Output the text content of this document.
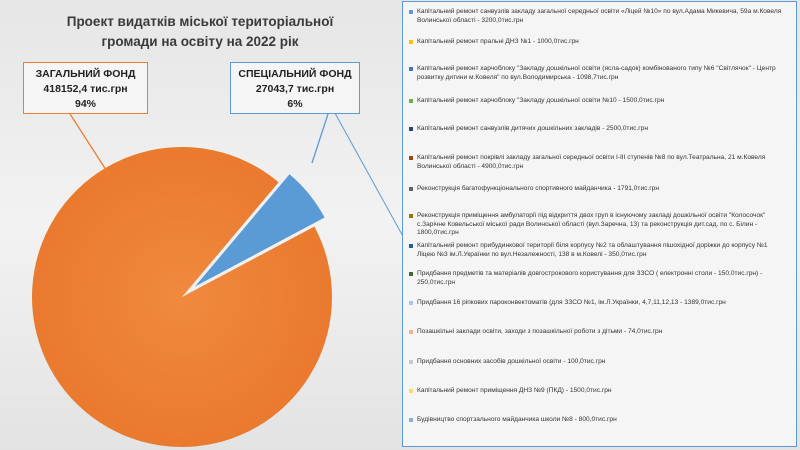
Проект видатків міської територіальної
громади на освіту на 2022 рік
ЗАГАЛЬНИЙ ФОНД
418152,4 тис.грн
94%
СПЕЦІАЛЬНИЙ ФОНД
27043,7 тис.грн
6%
Капітальний ремонт санвузлів закладу загальної середньої освіти «Ліцей №10» по вул.Адама Микевича, 59а м.Ковеля Волинської області - 3200,0тис.грн
Капітальний ремонт пральні ДНЗ №1 - 1000,0тис.грн
Капітальний ремонт харчоблоку "Закладу дошкільної освіти (ясла-садок) комбінованого типу №6 "Світлячок" - Центр розвитку дитини м.Ковеля" по вул.Володимирська - 1098,7тис.грн
Капітальний ремонт харчоблоку "Закладу дошкільної освіти №10 - 1500,0тис.грн
Капітальний ремонт санвузлів дитячих дошкільних закладів - 2500,0тис.грн
Капітальний ремонт покрівлі закладу загальної середньої освіти І-ІІІ ступенів №8 по вул.Театральна, 21 м.Ковеля Волинської області - 4900,0тис.грн
Реконструкція багатофункціонального спортивного майданчика - 1791,0тис.грн
Реконструкція приміщення амбулаторії під відкриття двох груп в існуючому закладі дошкільної освіти "Колосочок" с.Зарічне Ковельської міської ради Волинської області (вул.Заречна, 13) та реконструкція дит.сад. по с. Білин - 1800,0тис.грн
Капітальний ремонт прибудинкової території біля корпусу №2 та облаштування пішохідної доріжки до корпусу №1 Ліцею №3 ім.Л.Українки по вул.Незалежності, 138 в м.Ковелі - 350,0тис.грн
Придбання предметів та матеріалів довгострокового користування для ЗЗСО ( електронні столи - 150,0тис.грн) - 250,0тис.грн
Придбання 16 ріпкових пароконвектоматів (для ЗЗСО №1, ім.Л.Українки, 4,7,11,12,13 - 1389,0тис.грн
Позашкільні заклади освіти, заходи з позашкільної роботи з дітьми - 74,0тис.грн
Придбання основних засобів дошкільної освіти - 100,0тис.грн
Капітальний ремонт приміщення ДНЗ №9 (ПКД) - 1500,0тис.грн
Будівництво спортзального майданчика школи №8 - 800,0тис.грн
